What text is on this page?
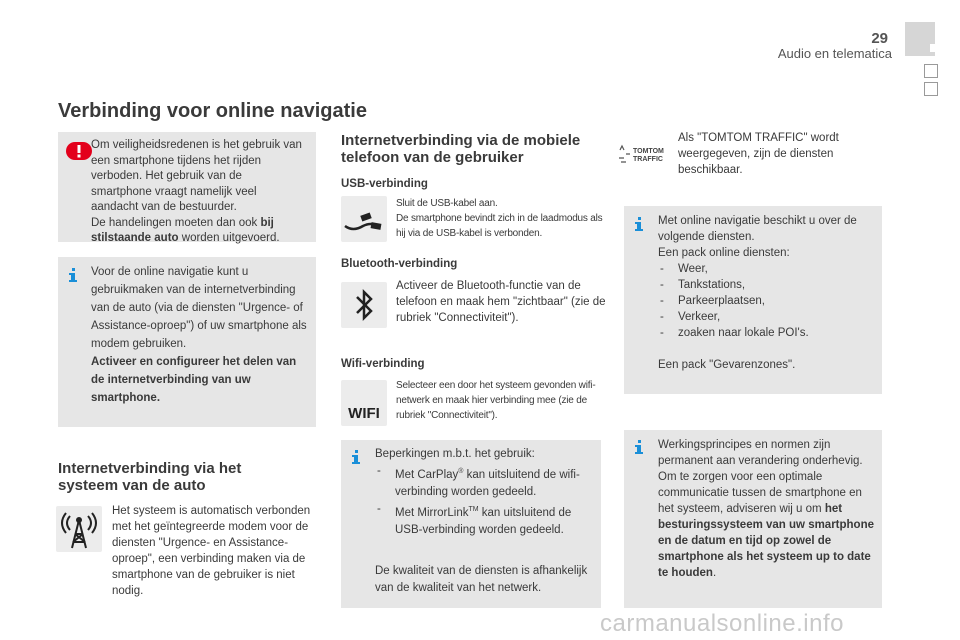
29
Audio en telematica
Verbinding voor online navigatie
Om veiligheidsredenen is het gebruik van een smartphone tijdens het rijden verboden. Het gebruik van de smartphone vraagt namelijk veel aandacht van de bestuurder.
De handelingen moeten dan ook bij stilstaande auto worden uitgevoerd.
Voor de online navigatie kunt u gebruikmaken van de internetverbinding van de auto (via de diensten "Urgence- of Assistance-oproep") of uw smartphone als modem gebruiken.
Activeer en configureer het delen van de internetverbinding van uw smartphone.
Internetverbinding via het systeem van de auto
Het systeem is automatisch verbonden met het geïntegreerde modem voor de diensten "Urgence- en Assistance-oproep", een verbinding maken via de smartphone van de gebruiker is niet nodig.
Internetverbinding via de mobiele telefoon van de gebruiker
USB-verbinding
Sluit de USB-kabel aan.
De smartphone bevindt zich in de laadmodus als hij via de USB-kabel is verbonden.
Bluetooth-verbinding
Activeer de Bluetooth-functie van de telefoon en maak hem "zichtbaar" (zie de rubriek "Connectiviteit").
Wifi-verbinding
WIFI
Selecteer een door het systeem gevonden wifi-netwerk en maak hier verbinding mee (zie de rubriek "Connectiviteit").
Beperkingen m.b.t. het gebruik:
- Met CarPlay® kan uitsluitend de wifi-verbinding worden gedeeld.
- Met MirrorLink™ kan uitsluitend de USB-verbinding worden gedeeld.
De kwaliteit van de diensten is afhankelijk van de kwaliteit van het netwerk.
TOMTOM
TRAFFIC
Als "TOMTOM TRAFFIC" wordt weergegeven, zijn de diensten beschikbaar.
Met online navigatie beschikt u over de volgende diensten.
Een pack online diensten:
- Weer,
- Tankstations,
- Parkeerplaatsen,
- Verkeer,
- zoaken naar lokale POI's.
Een pack "Gevarenzones".
Werkingsprincipes en normen zijn permanent aan verandering onderhevig. Om te zorgen voor een optimale communicatie tussen de smartphone en het systeem, adviseren wij u om het besturingssysteem van uw smartphone en de datum en tijd op zowel de smartphone als het systeem up to date te houden.
carmanualsonline.info
